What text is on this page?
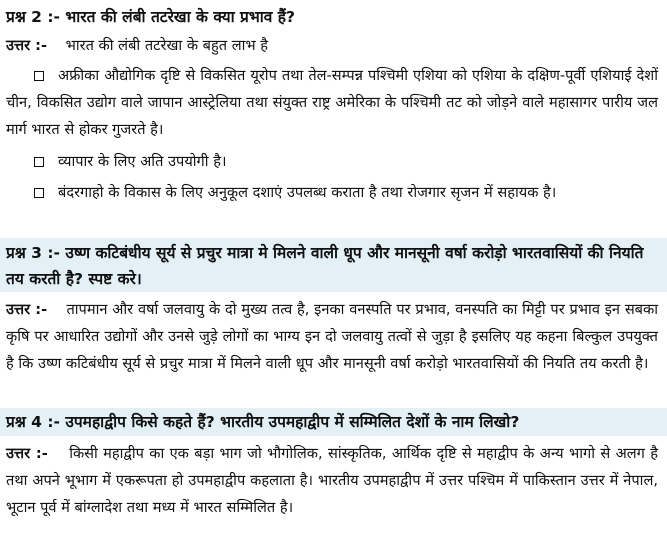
प्रश्न 2 :- भारत की लंबी तटरेखा के क्या प्रभाव हैं?
उत्तर :- भारत की लंबी तटरेखा के बहुत लाभ है
अफ्रीका औद्योगिक दृष्टि से विकसित यूरोप तथा तेल-सम्पन्न पश्चिमी एशिया को एशिया के दक्षिण-पूर्वी एशियाई देशों चीन, विकसित उद्योग वाले जापान आस्ट्रेलिया तथा संयुक्त राष्ट्र अमेरिका के पश्चिमी तट को जोड़ने वाले महासागर पारीय जल मार्ग भारत से होकर गुजरते है।
व्यापार के लिए अति उपयोगी है।
बंदरगाहो के विकास के लिए अनुकूल दशाएं उपलब्ध कराता है तथा रोजगार सृजन में सहायक है।
प्रश्न 3 :- उष्ण कटिबंधीय सूर्य से प्रचुर मात्रा मे मिलने वाली धूप और मानसूनी वर्षा करोड़ो भारतवासियों की नियति तय करती है? स्पष्ट करे।
उत्तर :- तापमान और वर्षा जलवायु के दो मुख्य तत्व है, इनका वनस्पति पर प्रभाव, वनस्पति का मिट्टी पर प्रभाव इन सबका कृषि पर आधारित उद्योगों और उनसे जुड़े लोगों का भाग्य इन दो जलवायु तत्वों से जुड़ा है इसलिए यह कहना बिल्कुल उपयुक्त है कि उष्ण कटिबंधीय सूर्य से प्रचुर मात्रा में मिलने वाली धूप और मानसूनी वर्षा करोड़ो भारतवासियों की नियति तय करती है।
प्रश्न 4 :- उपमहाद्वीप किसे कहते हैं? भारतीय उपमहाद्वीप में सम्मिलित देशों के नाम लिखो?
उत्तर :- किसी महाद्वीप का एक बड़ा भाग जो भौगोलिक, सांस्कृतिक, आर्थिक दृष्टि से महाद्वीप के अन्य भागो से अलग है तथा अपने भूभाग में एकरूपता हो उपमहाद्वीप कहलाता है। भारतीय उपमहाद्वीप में उत्तर पश्चिम में पाकिस्तान उत्तर में नेपाल, भूटान पूर्व में बांग्लादेश तथा मध्य में भारत सम्मिलित है।
